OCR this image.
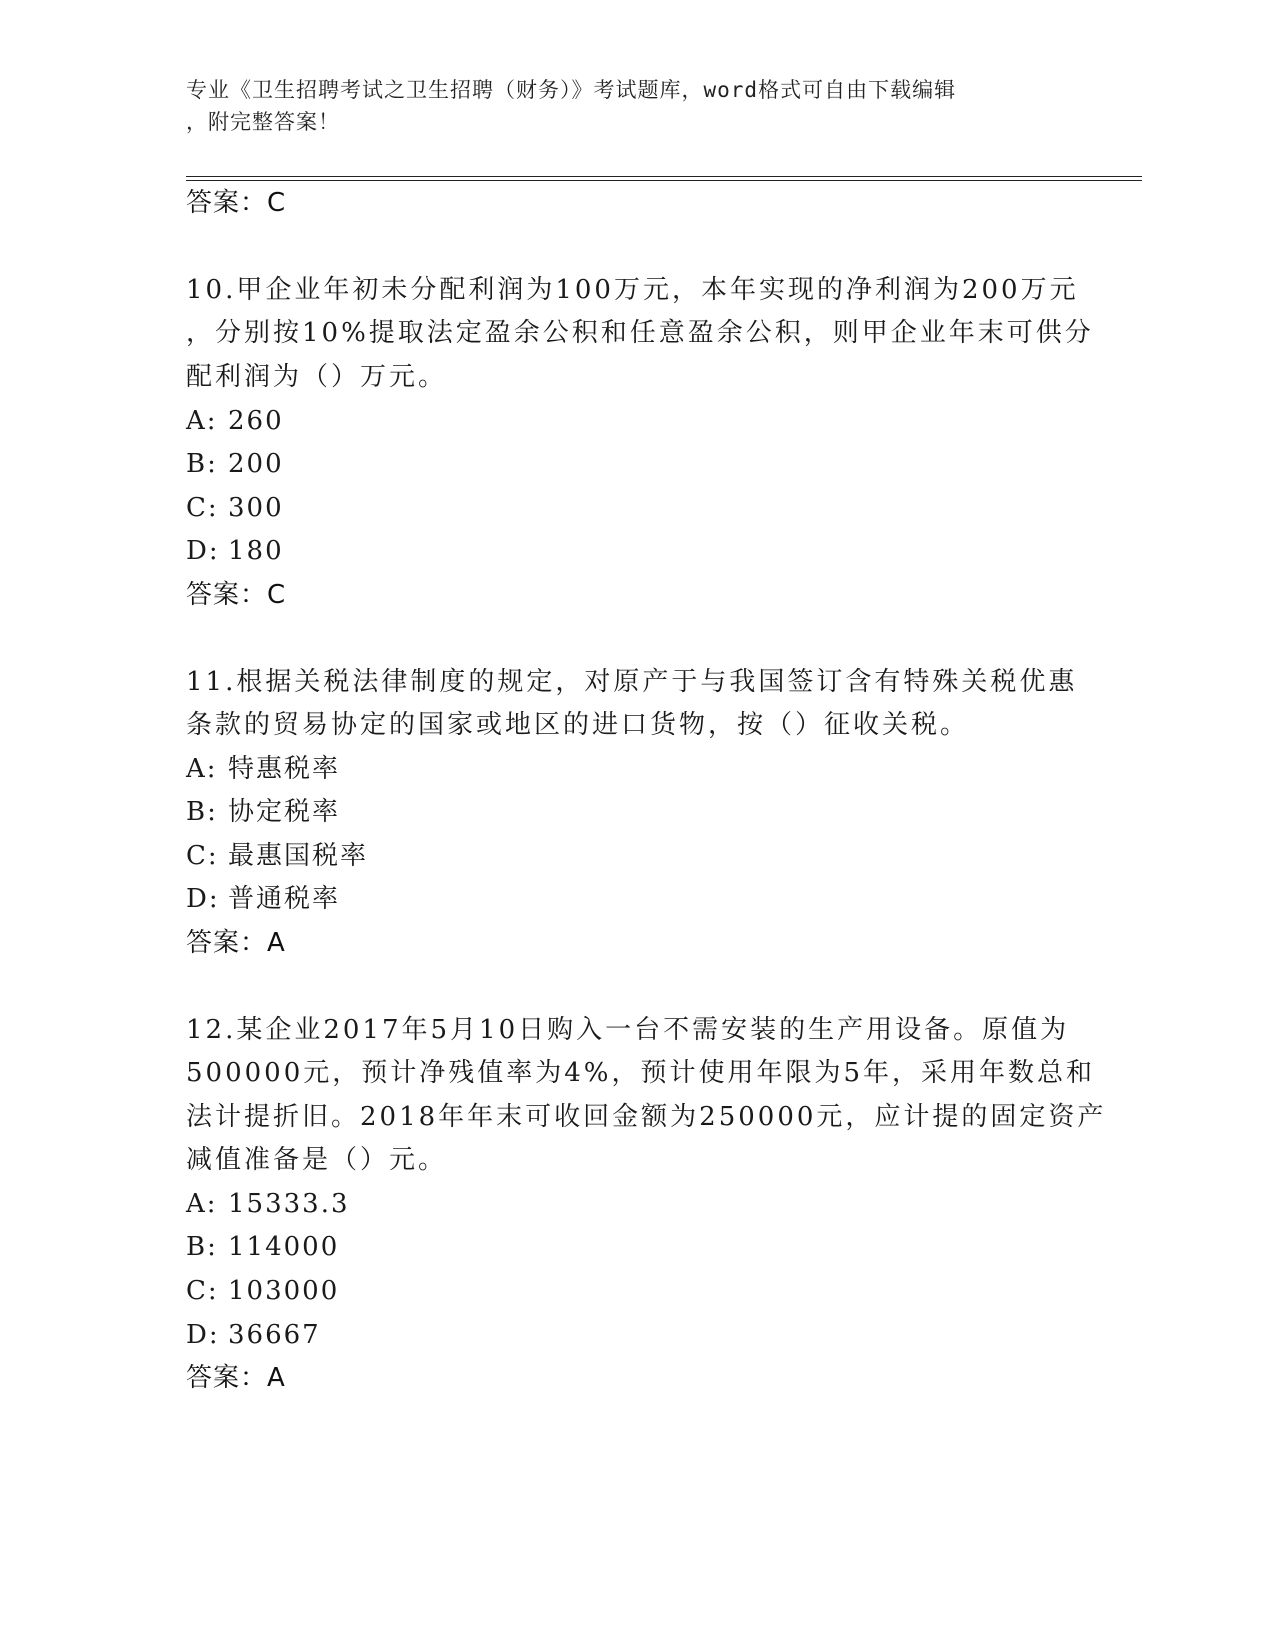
专业《卫生招聘考试之卫生招聘（财务）》考试题库，word格式可自由下载编辑
，附完整答案！
答案：C
10.甲企业年初未分配利润为100万元，本年实现的净利润为200万元
，分别按10%提取法定盈余公积和任意盈余公积，则甲企业年末可供分
配利润为（）万元。
A: 260
B: 200
C: 300
D: 180
答案：C
11.根据关税法律制度的规定，对原产于与我国签订含有特殊关税优惠
条款的贸易协定的国家或地区的进口货物，按（）征收关税。
A: 特惠税率
B: 协定税率
C: 最惠国税率
D: 普通税率
答案：A
12.某企业2017年5月10日购入一台不需安装的生产用设备。原值为
500000元，预计净残值率为4%，预计使用年限为5年，采用年数总和
法计提折旧。2018年年末可收回金额为250000元，应计提的固定资产
减值准备是（）元。
A: 15333.3
B: 114000
C: 103000
D: 36667
答案：A
